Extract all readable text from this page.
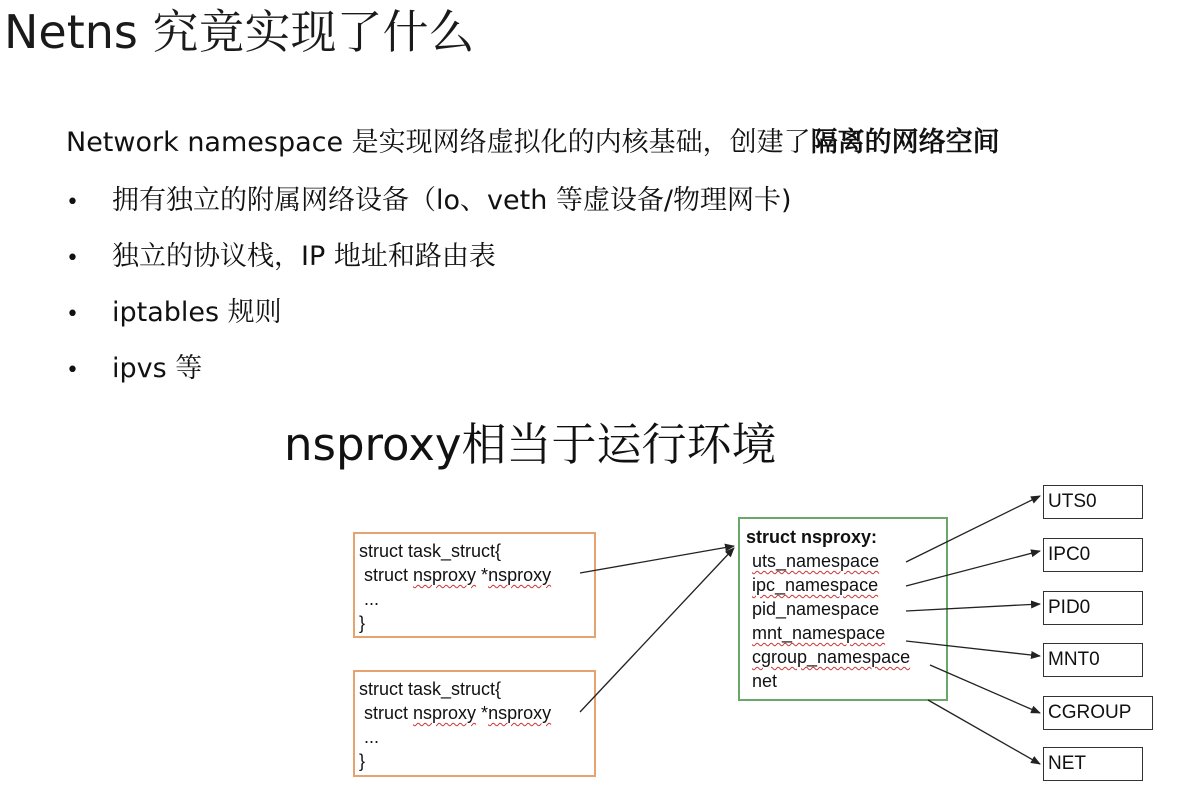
Netns 究竟实现了什么

Network namespace 是实现网络虚拟化的内核基础，创建了隔离的网络空间

• 拥有独立的附属网络设备（lo、veth 等虚设备/物理网卡)
• 独立的协议栈，IP 地址和路由表
• iptables 规则
• ipvs 等
nsproxy相当于运行环境
struct task_struct{
struct nsproxy *nsproxy
...
}
struct task_struct{
struct nsproxy *nsproxy
...
}
struct nsproxy:
uts_namespace
ipc_namespace
pid_namespace
mnt_namespace
cgroup_namespace
net
UTS0
IPC0
PID0
MNT0
CGROUP
NET
